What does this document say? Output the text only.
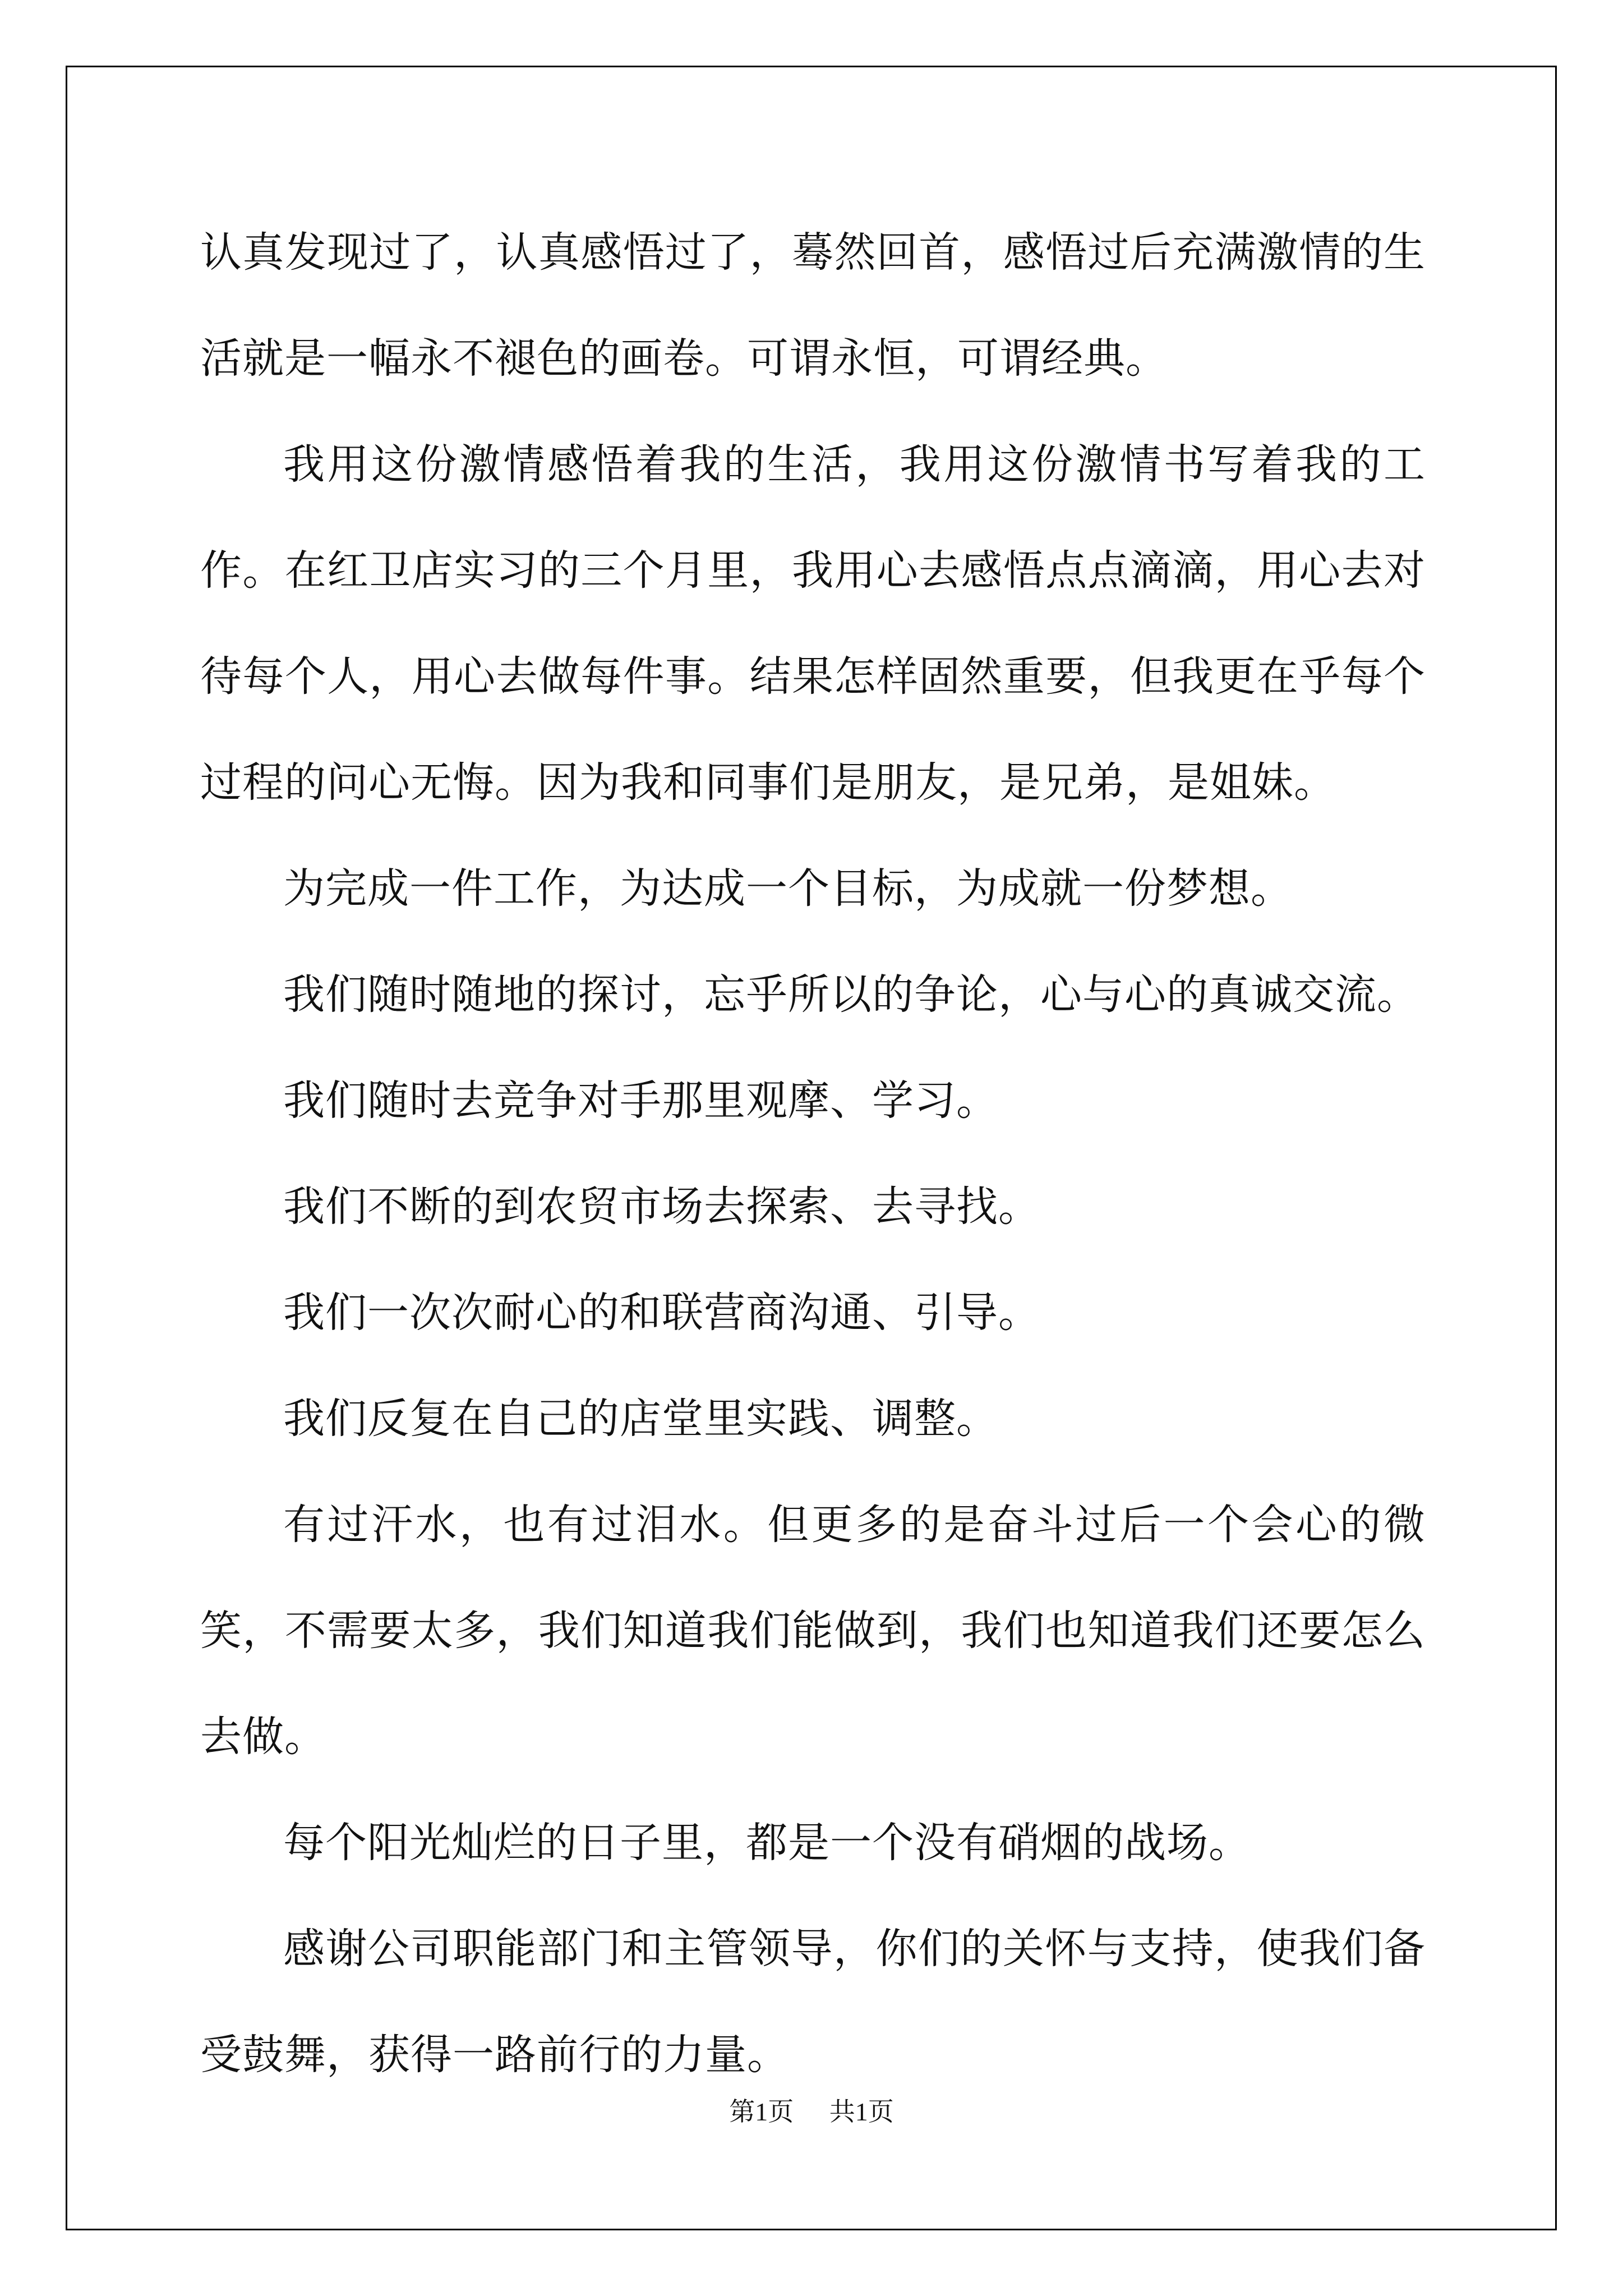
认真发现过了，认真感悟过了，蓦然回首，感悟过后充满激情的生活就是一幅永不褪色的画卷。可谓永恒，可谓经典。

我用这份激情感悟着我的生活，我用这份激情书写着我的工作。在红卫店实习的三个月里，我用心去感悟点点滴滴，用心去对待每个人，用心去做每件事。结果怎样固然重要，但我更在乎每个过程的问心无悔。因为我和同事们是朋友，是兄弟，是姐妹。

为完成一件工作，为达成一个目标，为成就一份梦想。

我们随时随地的探讨，忘乎所以的争论，心与心的真诚交流。

我们随时去竞争对手那里观摩、学习。

我们不断的到农贸市场去探索、去寻找。

我们一次次耐心的和联营商沟通、引导。

我们反复在自己的店堂里实践、调整。

有过汗水，也有过泪水。但更多的是奋斗过后一个会心的微笑，不需要太多，我们知道我们能做到，我们也知道我们还要怎么去做。

每个阳光灿烂的日子里，都是一个没有硝烟的战场。

感谢公司职能部门和主管领导，你们的关怀与支持，使我们备受鼓舞，获得一路前行的力量。

第1页 共1页
